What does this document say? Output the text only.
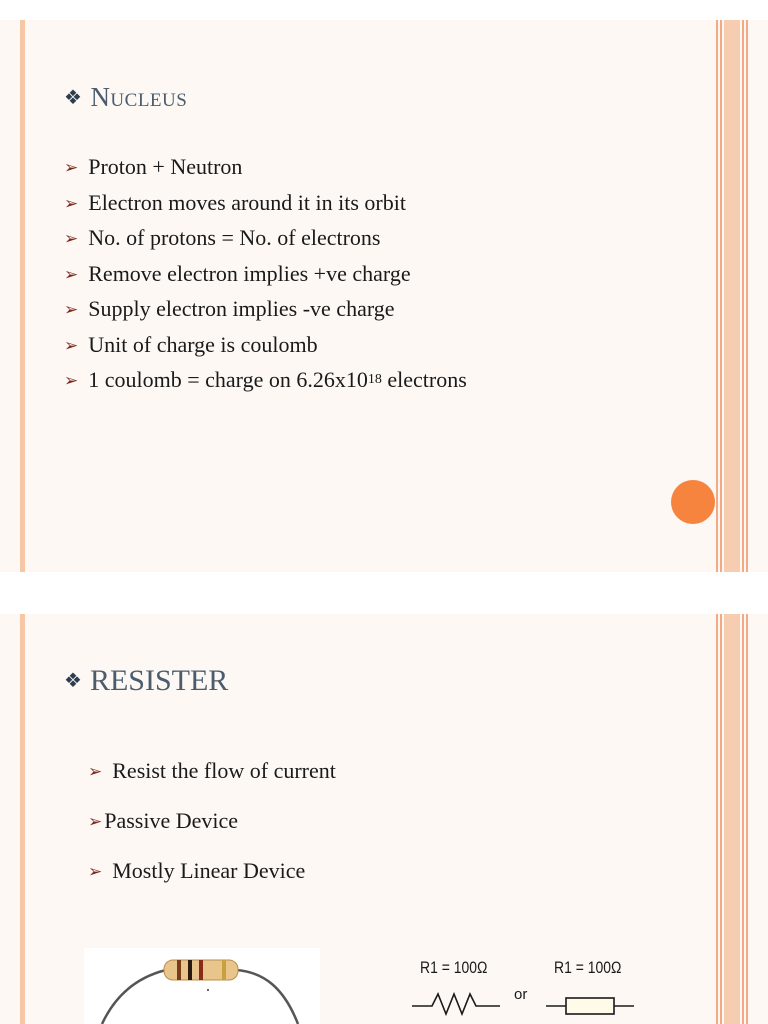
❖ Nucleus
➢ Proton + Neutron
➢ Electron moves around it in its orbit
➢ No. of protons = No. of electrons
➢ Remove electron implies +ve charge
➢ Supply electron implies -ve charge
➢ Unit of charge is coulomb
➢ 1 coulomb = charge on $6.26x10^{18}$ electrons
❖ RESISTER
➢ Resist the flow of current
➢ Passive Device
➢ Mostly Linear Device
R1 = 100Ω
or
R1 = 100Ω
